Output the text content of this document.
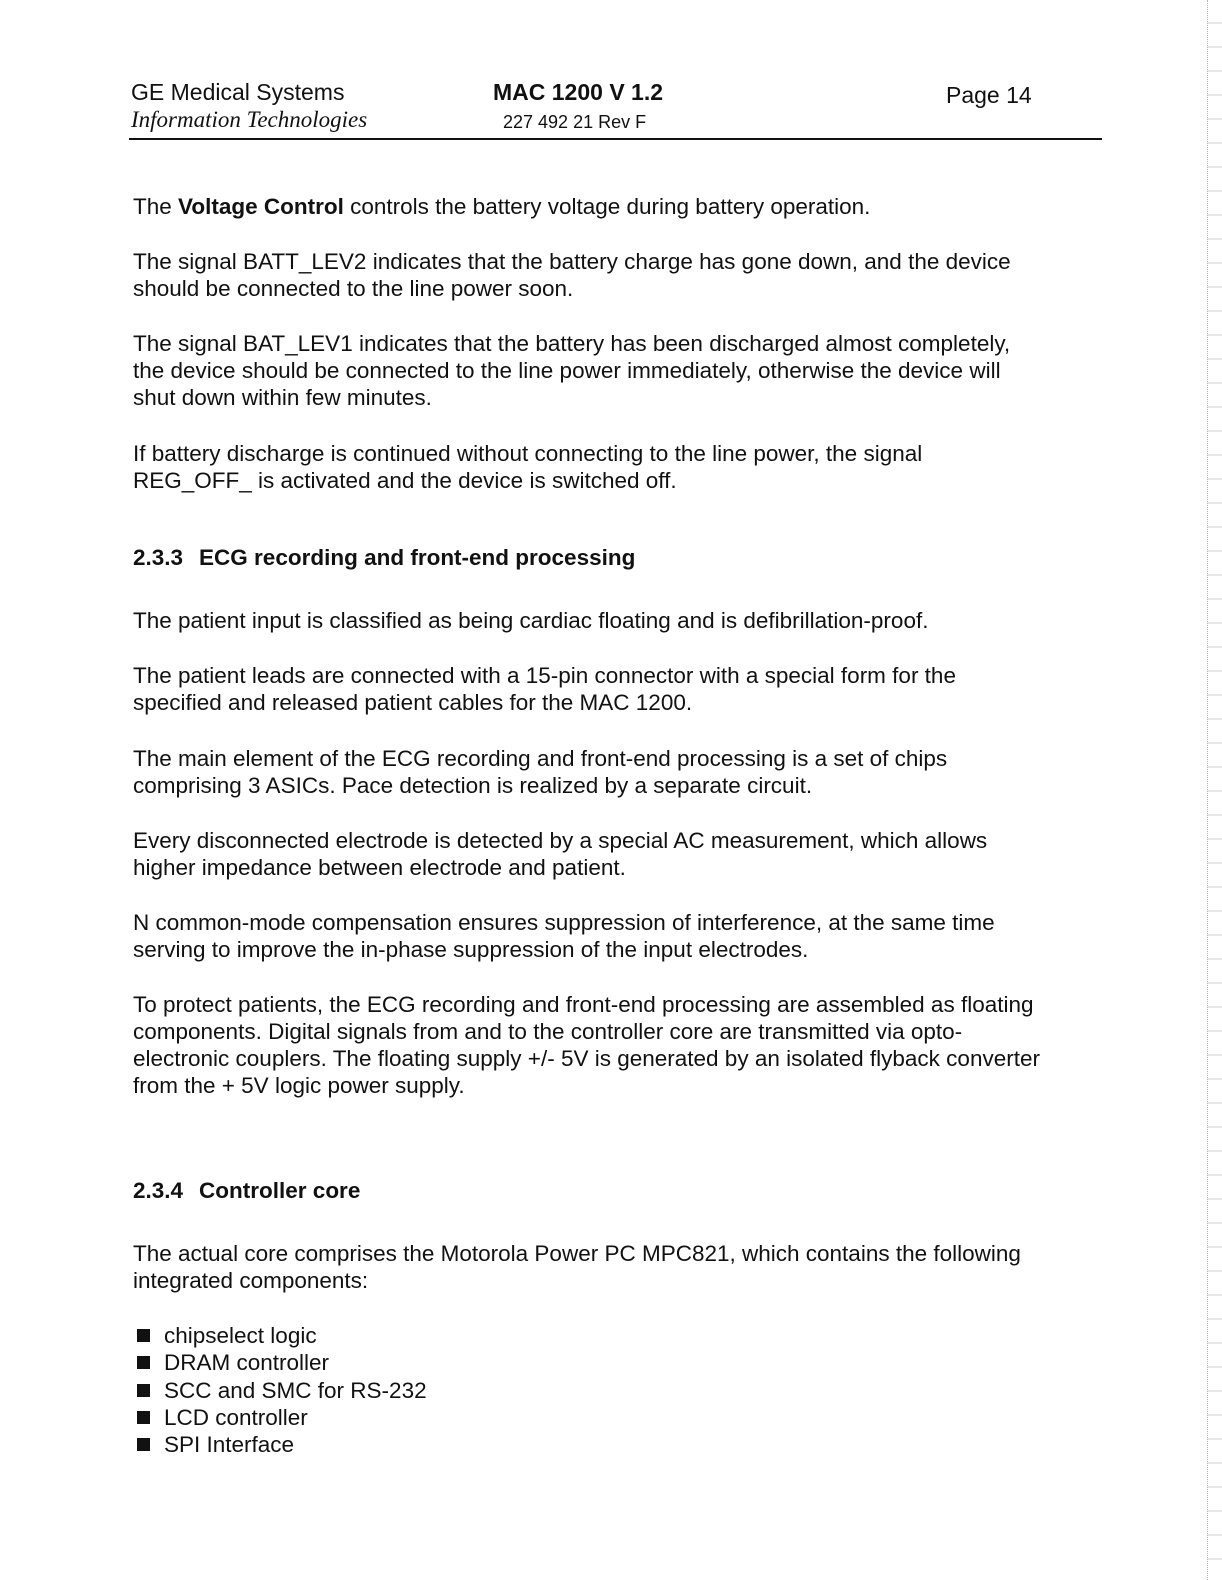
GE Medical Systems
Information Technologies
MAC 1200 V 1.2
227 492 21 Rev F
Page 14

The Voltage Control controls the battery voltage during battery operation.

The signal BATT_LEV2 indicates that the battery charge has gone down, and the device
should be connected to the line power soon.

The signal BAT_LEV1 indicates that the battery has been discharged almost completely,
the device should be connected to the line power immediately, otherwise the device will
shut down within few minutes.

If battery discharge is continued without connecting to the line power, the signal
REG_OFF_ is activated and the device is switched off.

2.3.3 ECG recording and front-end processing

The patient input is classified as being cardiac floating and is defibrillation-proof.

The patient leads are connected with a 15-pin connector with a special form for the
specified and released patient cables for the MAC 1200.

The main element of the ECG recording and front-end processing is a set of chips
comprising 3 ASICs. Pace detection is realized by a separate circuit.

Every disconnected electrode is detected by a special AC measurement, which allows
higher impedance between electrode and patient.

N common-mode compensation ensures suppression of interference, at the same time
serving to improve the in-phase suppression of the input electrodes.

To protect patients, the ECG recording and front-end processing are assembled as floating
components. Digital signals from and to the controller core are transmitted via opto-
electronic couplers. The floating supply +/- 5V is generated by an isolated flyback converter
from the + 5V logic power supply.

2.3.4 Controller core

The actual core comprises the Motorola Power PC MPC821, which contains the following
integrated components:

chipselect logic
DRAM controller
SCC and SMC for RS-232
LCD controller
SPI Interface
